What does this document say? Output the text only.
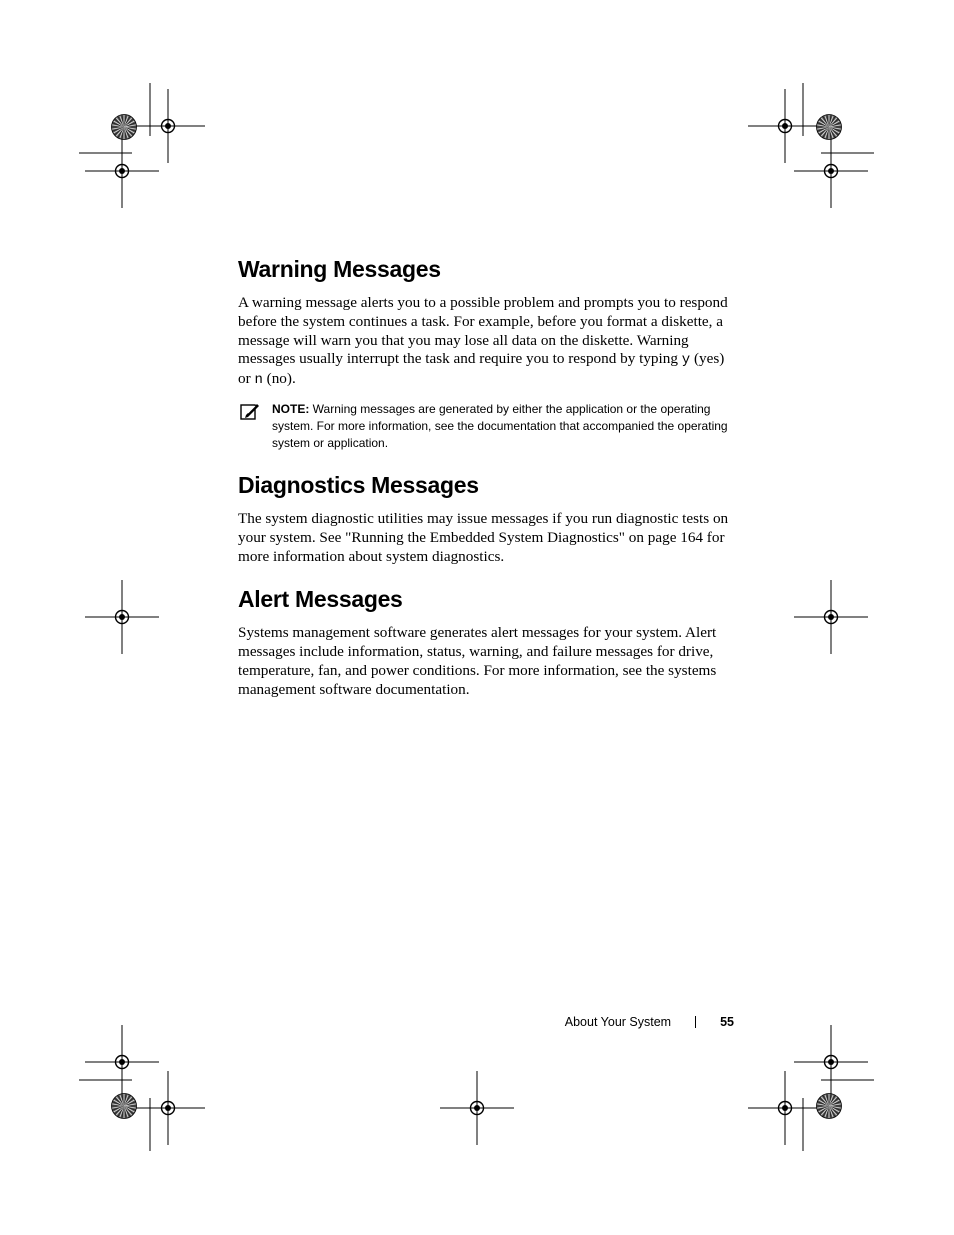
Warning Messages

A warning message alerts you to a possible problem and prompts you to respond before the system continues a task. For example, before you format a diskette, a message will warn you that you may lose all data on the diskette. Warning messages usually interrupt the task and require you to respond by typing y (yes) or n (no).

NOTE: Warning messages are generated by either the application or the operating system. For more information, see the documentation that accompanied the operating system or application.
Diagnostics Messages

The system diagnostic utilities may issue messages if you run diagnostic tests on your system. See "Running the Embedded System Diagnostics" on page 164 for more information about system diagnostics.

Alert Messages

Systems management software generates alert messages for your system. Alert messages include information, status, warning, and failure messages for drive, temperature, fan, and power conditions. For more information, see the systems management software documentation.

About Your System	55
